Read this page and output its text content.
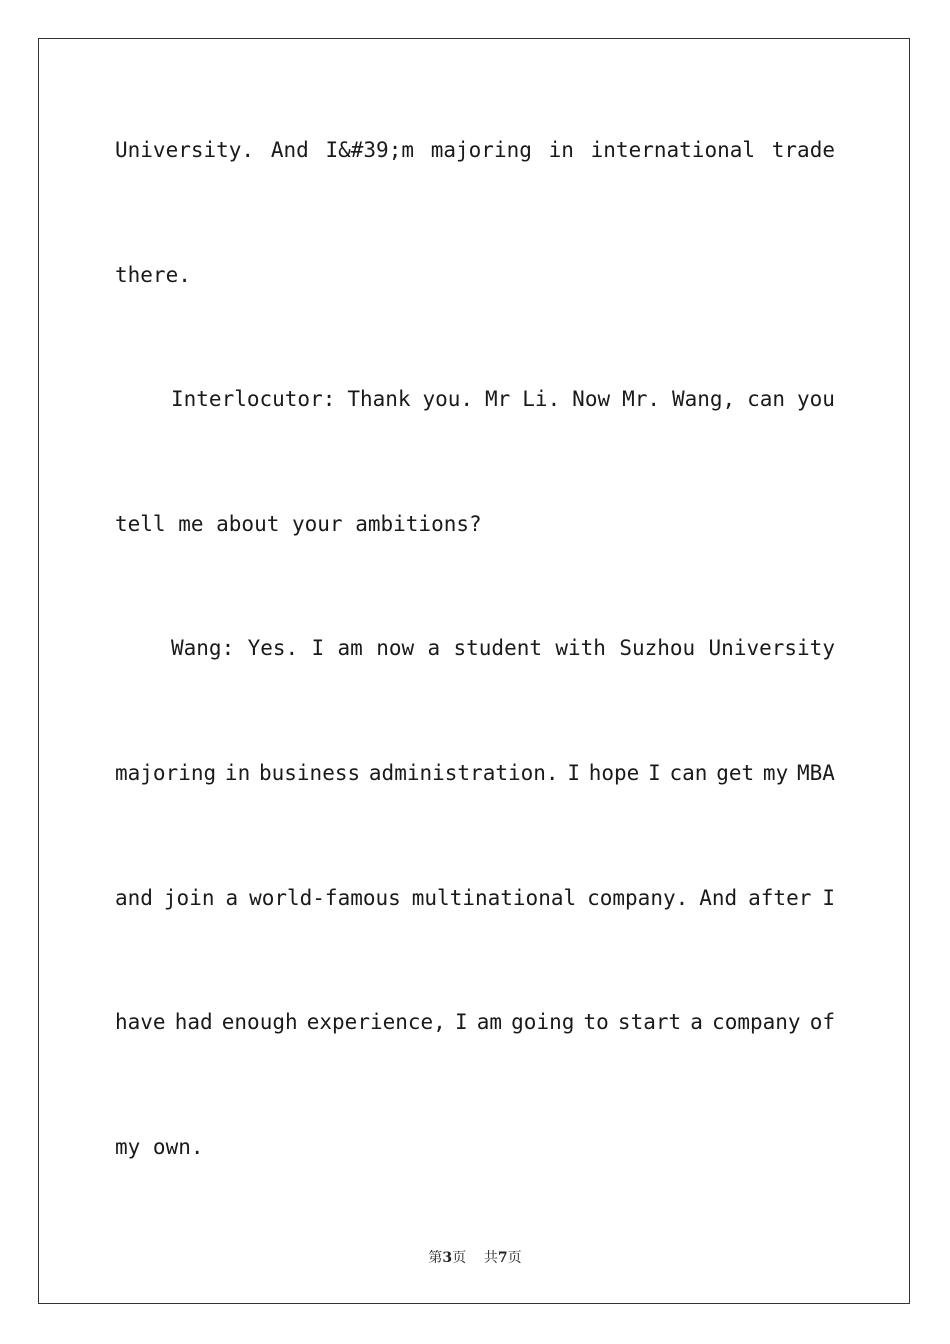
University. And I&#39;m majoring in international trade
there.
Interlocutor: Thank you. Mr Li. Now Mr. Wang, can you
tell me about your ambitions?
Wang: Yes. I am now a student with Suzhou University
majoring in business administration. I hope I can get my MBA
and join a world-famous multinational company. And after I
have had enough experience, I am going to start a company of
my own.
第3页 共7页
